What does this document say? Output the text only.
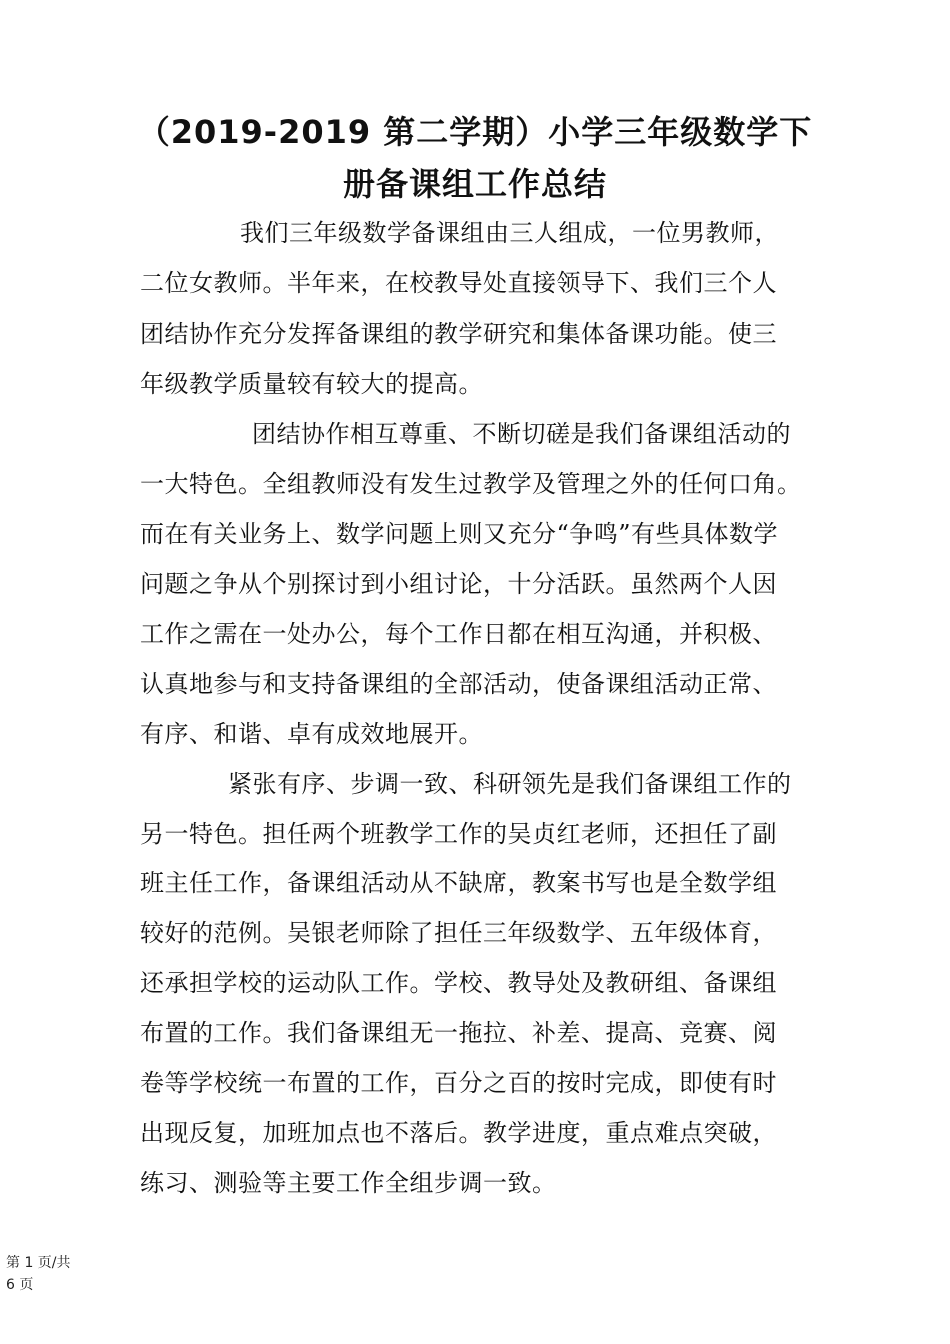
（2019-2019 第二学期）小学三年级数学下
册备课组工作总结
我们三年级数学备课组由三人组成，一位男教师，
二位女教师。半年来，在校教导处直接领导下、我们三个人
团结协作充分发挥备课组的教学研究和集体备课功能。使三
年级教学质量较有较大的提高。
团结协作相互尊重、不断切磋是我们备课组活动的
一大特色。全组教师没有发生过教学及管理之外的任何口角。
而在有关业务上、数学问题上则又充分“争鸣”有些具体数学
问题之争从个别探讨到小组讨论，十分活跃。虽然两个人因
工作之需在一处办公，每个工作日都在相互沟通，并积极、
认真地参与和支持备课组的全部活动，使备课组活动正常、
有序、和谐、卓有成效地展开。
紧张有序、步调一致、科研领先是我们备课组工作的
另一特色。担任两个班教学工作的吴贞红老师，还担任了副
班主任工作，备课组活动从不缺席，教案书写也是全数学组
较好的范例。吴银老师除了担任三年级数学、五年级体育，
还承担学校的运动队工作。学校、教导处及教研组、备课组
布置的工作。我们备课组无一拖拉、补差、提高、竞赛、阅
卷等学校统一布置的工作，百分之百的按时完成，即使有时
出现反复，加班加点也不落后。教学进度，重点难点突破，
练习、测验等主要工作全组步调一致。
第 1 页/共
6 页
